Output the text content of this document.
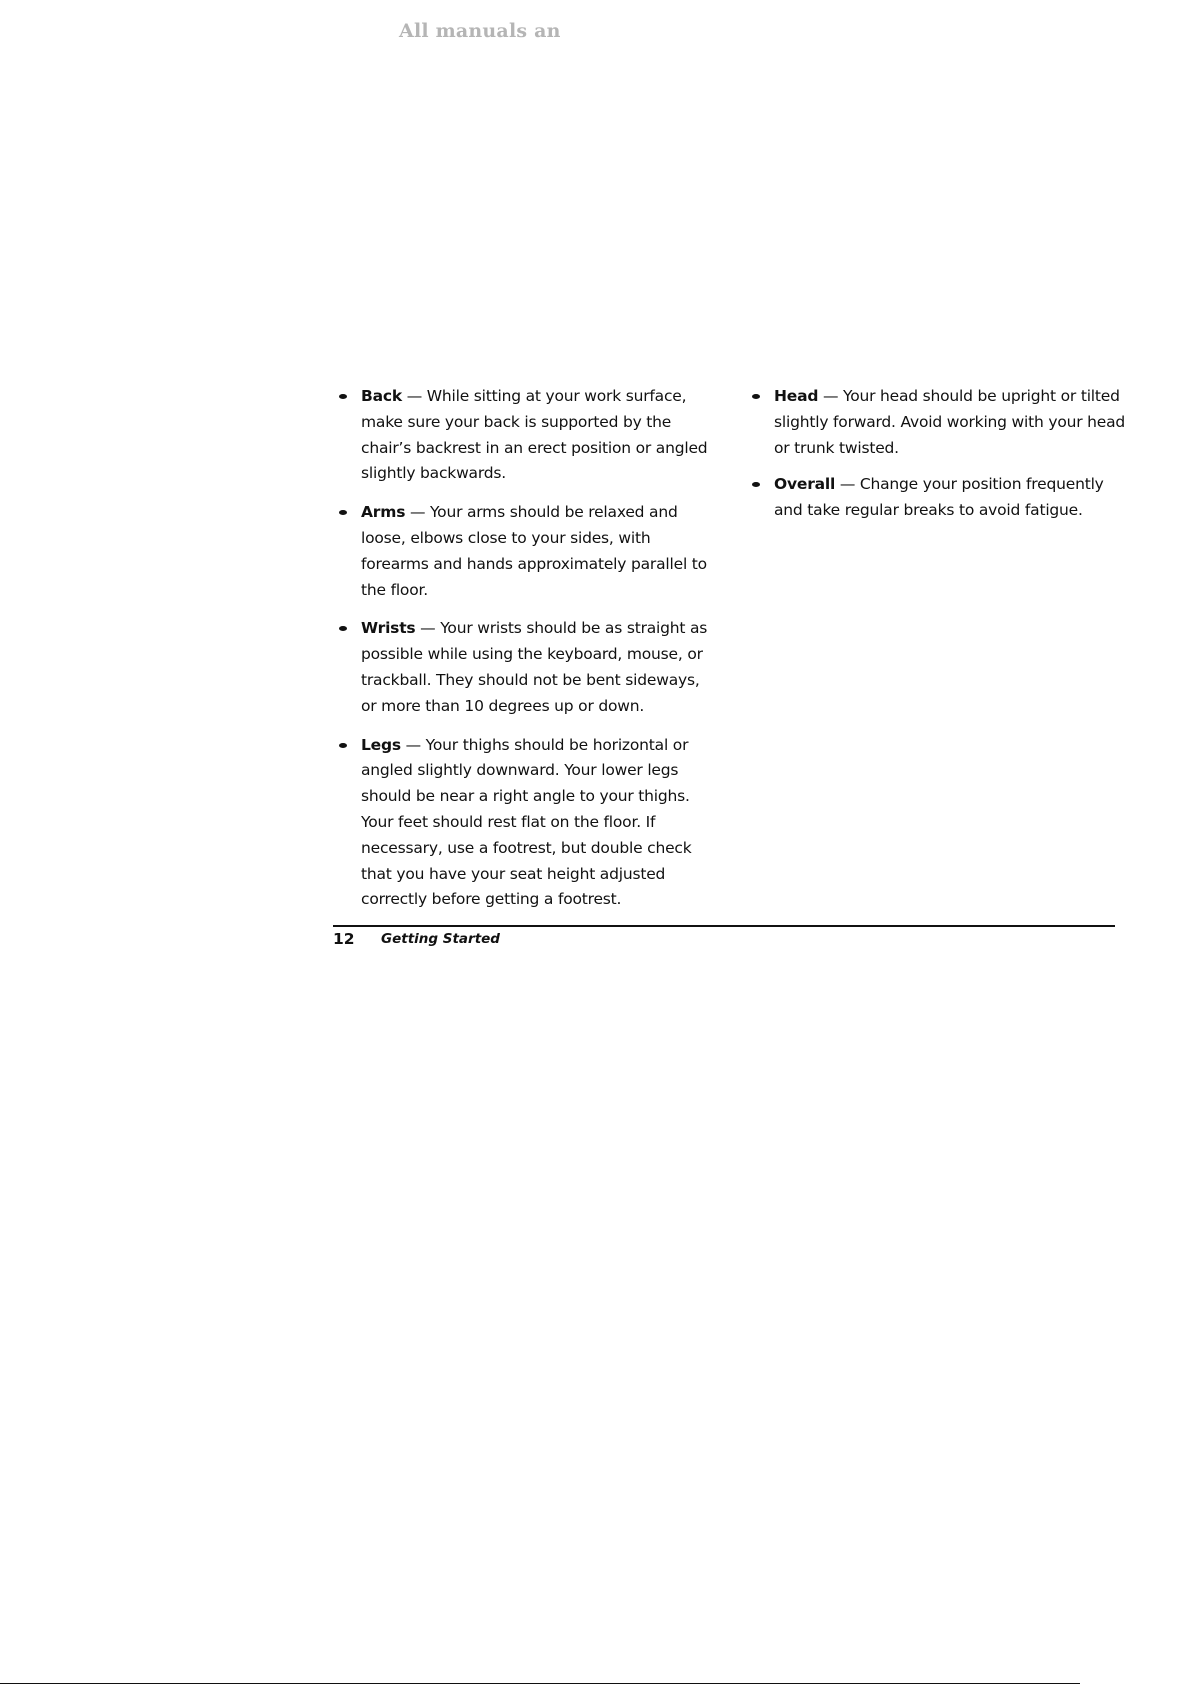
All manuals an
Back — While sitting at your work surface, make sure your back is supported by the chair’s backrest in an erect position or angled slightly backwards.
Arms — Your arms should be relaxed and loose, elbows close to your sides, with forearms and hands approximately parallel to the floor.
Wrists — Your wrists should be as straight as possible while using the keyboard, mouse, or trackball. They should not be bent sideways, or more than 10 degrees up or down.
Legs — Your thighs should be horizontal or angled slightly downward. Your lower legs should be near a right angle to your thighs. Your feet should rest flat on the floor. If necessary, use a footrest, but double check that you have your seat height adjusted correctly before getting a footrest.
Head — Your head should be upright or tilted slightly forward. Avoid working with your head or trunk twisted.
Overall — Change your position frequently and take regular breaks to avoid fatigue.
12 Getting Started
